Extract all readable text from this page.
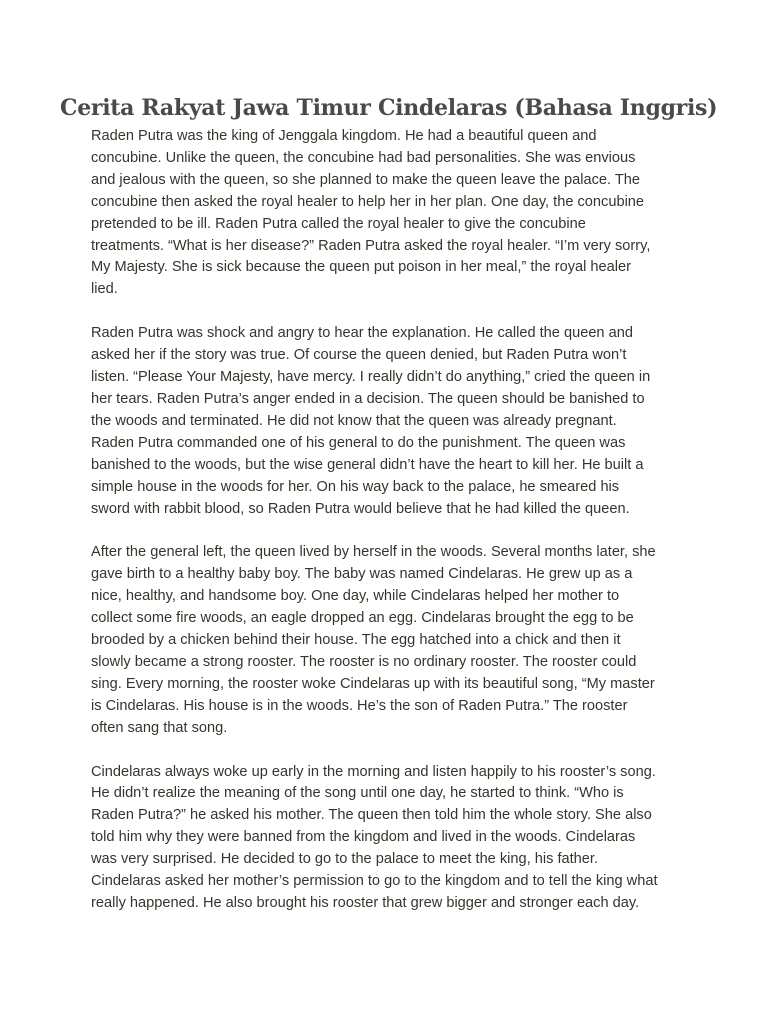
Cerita Rakyat Jawa Timur Cindelaras (Bahasa Inggris)

Raden Putra was the king of Jenggala kingdom. He had a beautiful queen and
concubine. Unlike the queen, the concubine had bad personalities. She was envious
and jealous with the queen, so she planned to make the queen leave the palace. The
concubine then asked the royal healer to help her in her plan. One day, the concubine
pretended to be ill. Raden Putra called the royal healer to give the concubine
treatments. “What is her disease?” Raden Putra asked the royal healer. “I’m very sorry,
My Majesty. She is sick because the queen put poison in her meal,” the royal healer
lied.

Raden Putra was shock and angry to hear the explanation. He called the queen and
asked her if the story was true. Of course the queen denied, but Raden Putra won’t
listen. “Please Your Majesty, have mercy. I really didn’t do anything,” cried the queen in
her tears. Raden Putra’s anger ended in a decision. The queen should be banished to
the woods and terminated. He did not know that the queen was already pregnant.
Raden Putra commanded one of his general to do the punishment. The queen was
banished to the woods, but the wise general didn’t have the heart to kill her. He built a
simple house in the woods for her. On his way back to the palace, he smeared his
sword with rabbit blood, so Raden Putra would believe that he had killed the queen.

After the general left, the queen lived by herself in the woods. Several months later, she
gave birth to a healthy baby boy. The baby was named Cindelaras. He grew up as a
nice, healthy, and handsome boy. One day, while Cindelaras helped her mother to
collect some fire woods, an eagle dropped an egg. Cindelaras brought the egg to be
brooded by a chicken behind their house. The egg hatched into a chick and then it
slowly became a strong rooster. The rooster is no ordinary rooster. The rooster could
sing. Every morning, the rooster woke Cindelaras up with its beautiful song, “My master
is Cindelaras. His house is in the woods. He’s the son of Raden Putra.” The rooster
often sang that song.

Cindelaras always woke up early in the morning and listen happily to his rooster’s song.
He didn’t realize the meaning of the song until one day, he started to think. “Who is
Raden Putra?” he asked his mother. The queen then told him the whole story. She also
told him why they were banned from the kingdom and lived in the woods. Cindelaras
was very surprised. He decided to go to the palace to meet the king, his father.
Cindelaras asked her mother’s permission to go to the kingdom and to tell the king what
really happened. He also brought his rooster that grew bigger and stronger each day.
